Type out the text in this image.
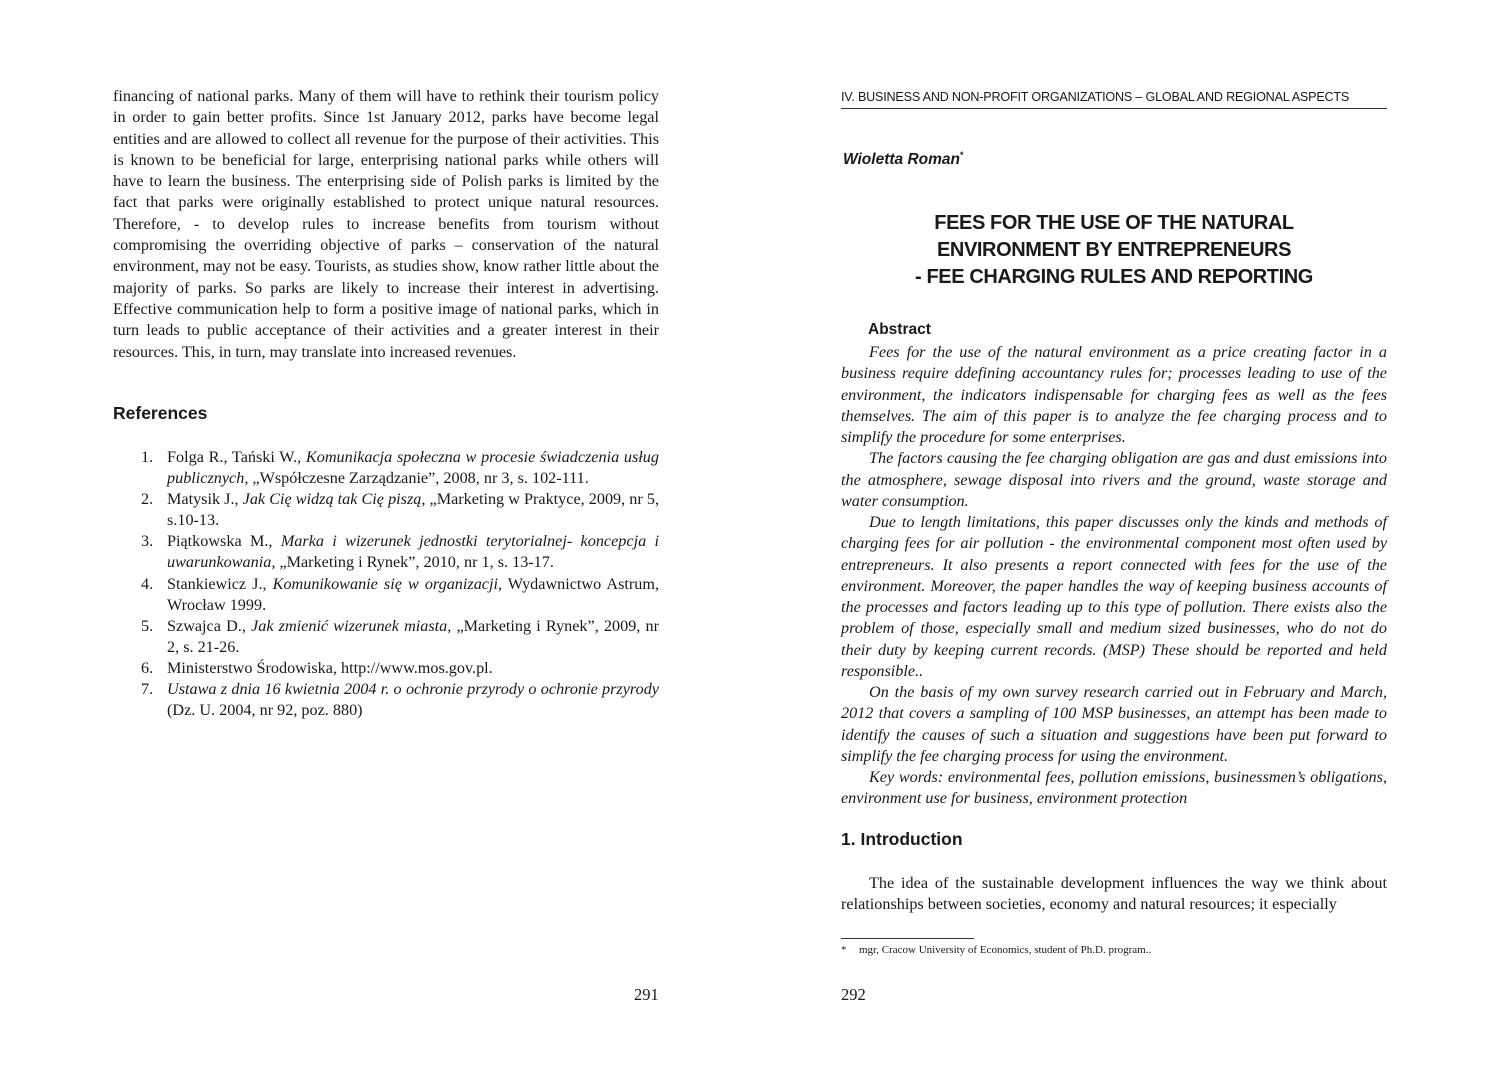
financing of national parks. Many of them will have to rethink their tourism policy in order to gain better profits. Since 1st January 2012, parks have become legal entities and are allowed to collect all revenue for the purpose of their activities. This is known to be beneficial for large, enterprising national parks while others will have to learn the business. The enterprising side of Polish parks is limited by the fact that parks were originally established to protect unique natural resources. Therefore, - to develop rules to increase benefits from tourism without compromising the overriding objective of parks – conservation of the natural environment, may not be easy. Tourists, as studies show, know rather little about the majority of parks. So parks are likely to increase their interest in advertising. Effective communication help to form a positive image of national parks, which in turn leads to public acceptance of their activities and a greater interest in their resources. This, in turn, may translate into increased revenues.

References
1. Folga R., Tański W., Komunikacja społeczna w procesie świadczenia usług publicznych, „Współczesne Zarządzanie”, 2008, nr 3, s. 102-111.
2. Matysik J., Jak Cię widzą tak Cię piszą, „Marketing w Praktyce, 2009, nr 5, s.10-13.
3. Piątkowska M., Marka i wizerunek jednostki terytorialnej- koncepcja i uwarunkowania, „Marketing i Rynek”, 2010, nr 1, s. 13-17.
4. Stankiewicz J., Komunikowanie się w organizacji, Wydawnictwo Astrum, Wrocław 1999.
5. Szwajca D., Jak zmienić wizerunek miasta, „Marketing i Rynek”, 2009, nr 2, s. 21-26.
6. Ministerstwo Środowiska, http://www.mos.gov.pl.
7. Ustawa z dnia 16 kwietnia 2004 r. o ochronie przyrody o ochronie przyrody (Dz. U. 2004, nr 92, poz. 880)
291
IV. BUSINESS AND NON-PROFIT ORGANIZATIONS – GLOBAL AND REGIONAL ASPECTS
Wioletta Roman*
FEES FOR THE USE OF THE NATURAL
ENVIRONMENT BY ENTREPRENEURS
- FEE CHARGING RULES AND REPORTING
Abstract

Fees for the use of the natural environment as a price creating factor in a business require ddefining accountancy rules for; processes leading to use of the environment, the indicators indispensable for charging fees as well as the fees themselves. The aim of this paper is to analyze the fee charging process and to simplify the procedure for some enterprises.

The factors causing the fee charging obligation are gas and dust emissions into the atmosphere, sewage disposal into rivers and the ground, waste storage and water consumption.

Due to length limitations, this paper discusses only the kinds and methods of charging fees for air pollution - the environmental component most often used by entrepreneurs. It also presents a report connected with fees for the use of the environment. Moreover, the paper handles the way of keeping business accounts of the processes and factors leading up to this type of pollution. There exists also the problem of those, especially small and medium sized businesses, who do not do their duty by keeping current records. (MSP) These should be reported and held responsible..

On the basis of my own survey research carried out in February and March, 2012 that covers a sampling of 100 MSP businesses, an attempt has been made to identify the causes of such a situation and suggestions have been put forward to simplify the fee charging process for using the environment.

Key words: environmental fees, pollution emissions, businessmen’s obligations, environment use for business, environment protection

1. Introduction

The idea of the sustainable development influences the way we think about relationships between societies, economy and natural resources; it especially

* mgr, Cracow University of Economics, student of Ph.D. program..
292
